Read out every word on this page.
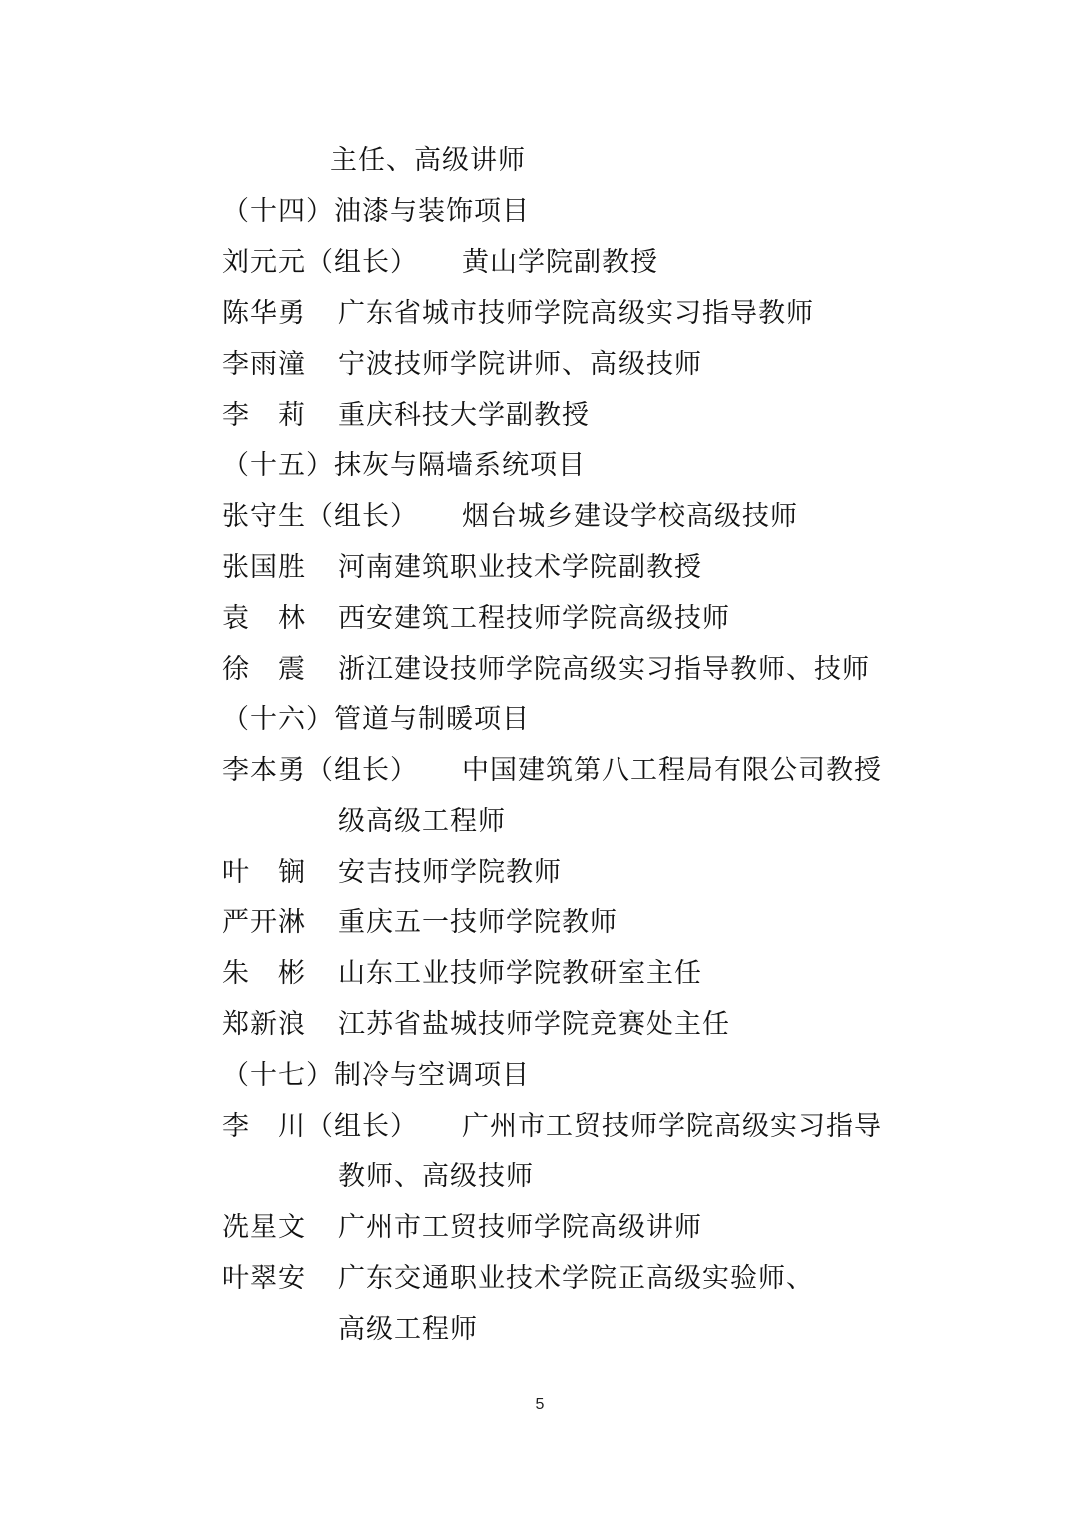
主任、高级讲师
（十四）油漆与装饰项目
刘元元（组长） 黄山学院副教授
陈华勇 广东省城市技师学院高级实习指导教师
李雨潼 宁波技师学院讲师、高级技师
李　莉 重庆科技大学副教授
（十五）抹灰与隔墙系统项目
张守生（组长） 烟台城乡建设学校高级技师
张国胜 河南建筑职业技术学院副教授
袁　林 西安建筑工程技师学院高级技师
徐　震 浙江建设技师学院高级实习指导教师、技师
（十六）管道与制暖项目
李本勇（组长） 中国建筑第八工程局有限公司教授
级高级工程师
叶　锎 安吉技师学院教师
严开淋 重庆五一技师学院教师
朱　彬 山东工业技师学院教研室主任
郑新浪 江苏省盐城技师学院竞赛处主任
（十七）制冷与空调项目
李　川（组长） 广州市工贸技师学院高级实习指导
教师、高级技师
冼星文 广州市工贸技师学院高级讲师
叶翠安 广东交通职业技术学院正高级实验师、
高级工程师
5
